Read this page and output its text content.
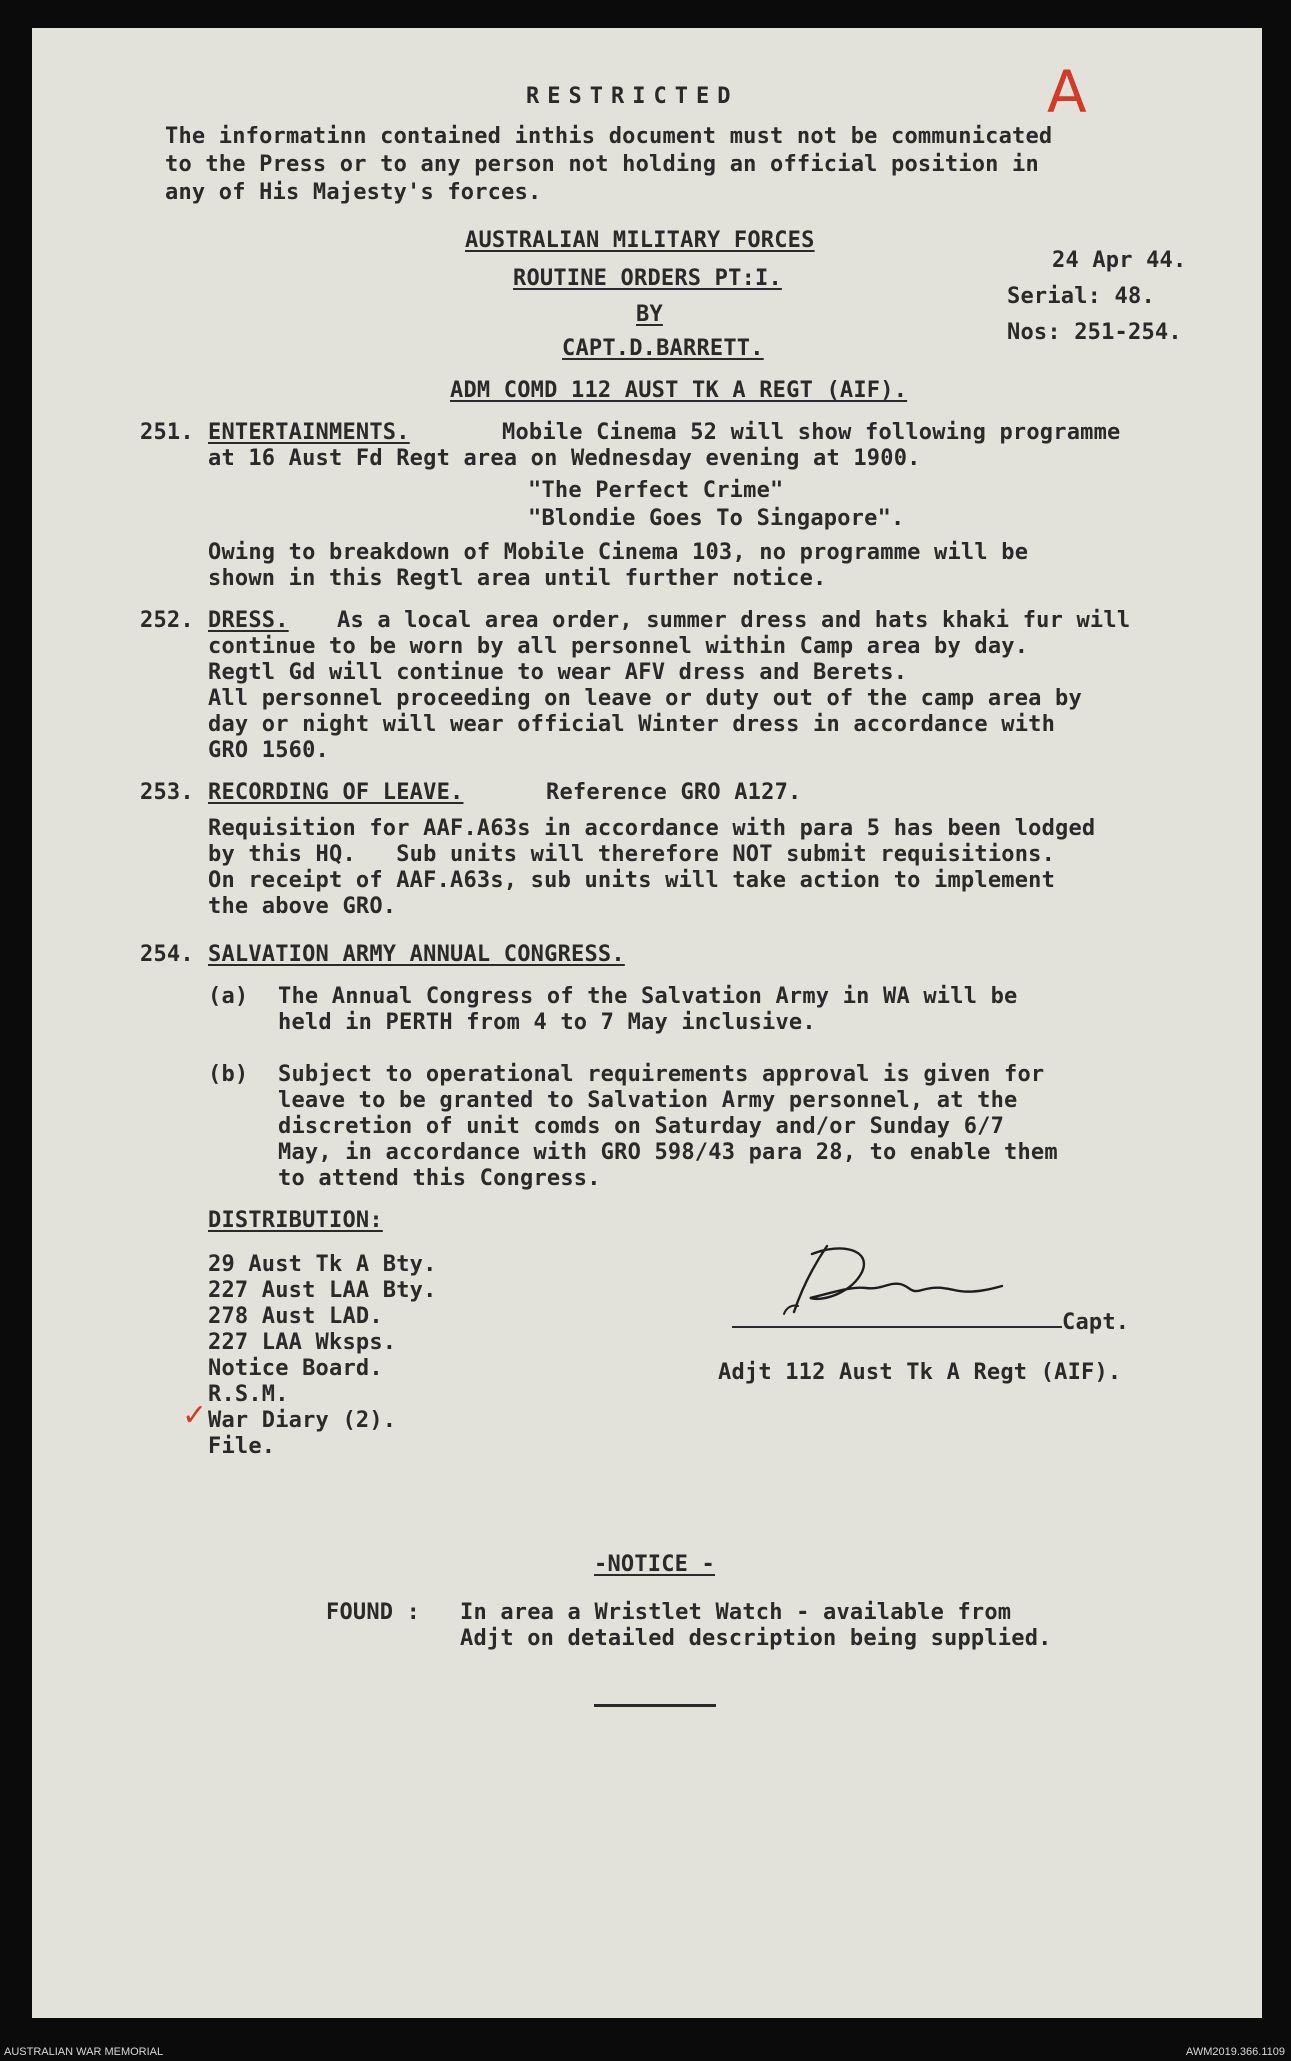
RESTRICTED	A
The informatinn contained inthis document must not be communicated
to the Press or to any person not holding an official position in
any of His Majesty's forces.
AUSTRALIAN MILITARY FORCES
ROUTINE ORDERS PT:I.
BY
CAPT.D.BARRETT.
ADM COMD 112 AUST TK A REGT (AIF).
24 Apr 44.
Serial: 48.
Nos: 251-254.
251. ENTERTAINMENTS.	Mobile Cinema 52 will show following programme
at 16 Aust Fd Regt area on Wednesday evening at 1900.
"The Perfect Crime"
"Blondie Goes To Singapore".
Owing to breakdown of Mobile Cinema 103, no programme will be
shown in this Regtl area until further notice.
252. DRESS. As a local area order, summer dress and hats khaki fur will
continue to be worn by all personnel within Camp area by day.
Regtl Gd will continue to wear AFV dress and Berets.
All personnel proceeding on leave or duty out of the camp area by
day or night will wear official Winter dress in accordance with
GRO 1560.
253. RECORDING OF LEAVE.	Reference GRO A127.
Requisition for AAF.A63s in accordance with para 5 has been lodged
by this HQ.   Sub units will therefore NOT submit requisitions.
On receipt of AAF.A63s, sub units will take action to implement
the above GRO.
254. SALVATION ARMY ANNUAL CONGRESS.
(a) The Annual Congress of the Salvation Army in WA will be
held in PERTH from 4 to 7 May inclusive.
(b) Subject to operational requirements approval is given for
leave to be granted to Salvation Army personnel, at the
discretion of unit comds on Saturday and/or Sunday 6/7
May, in accordance with GRO 598/43 para 28, to enable them
to attend this Congress.
DISTRIBUTION:
29 Aust Tk A Bty.
227 Aust LAA Bty.
278 Aust LAD.
227 LAA Wksps.
Notice Board.
R.S.M.
War Diary (2).
File.
✓
Capt.
Adjt 112 Aust Tk A Regt (AIF).
-NOTICE -
FOUND : In area a Wristlet Watch - available from
Adjt on detailed description being supplied.
AUSTRALIAN WAR MEMORIAL	AWM2019.366.1109
